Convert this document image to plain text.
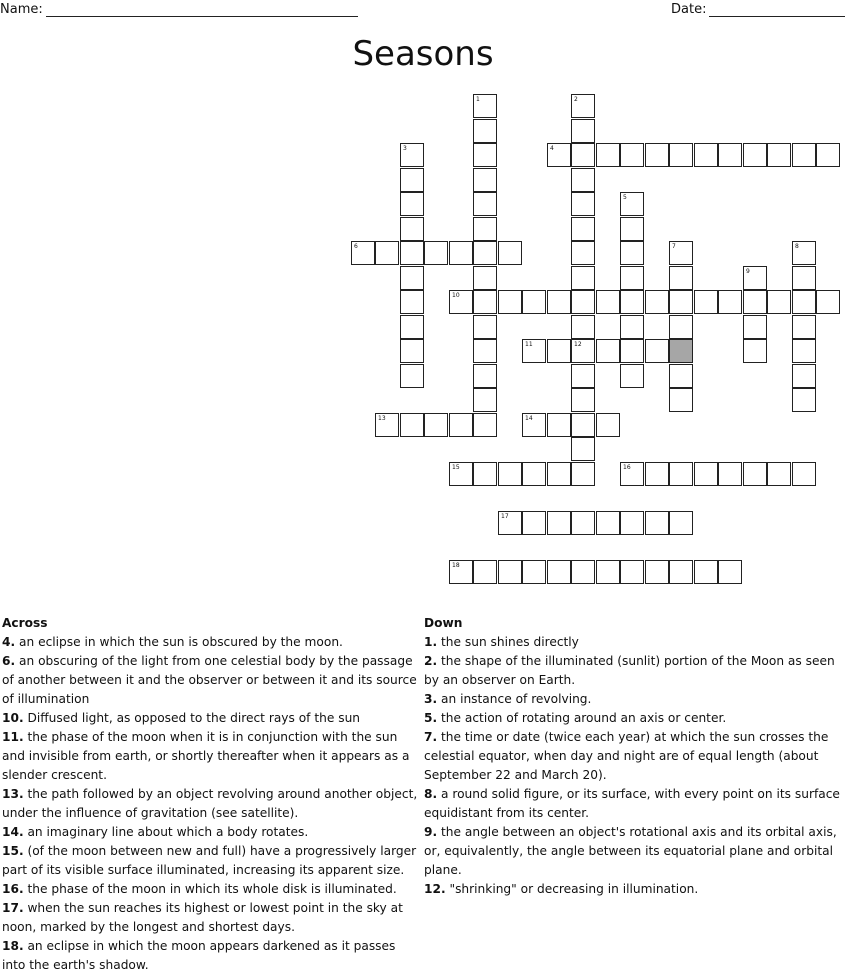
Name:	Date:
Seasons
1	2
12
3	4
5
6	7	8
9
10
11
13	14
15	16
17
18
Across
4. an eclipse in which the sun is obscured by the moon.
6. an obscuring of the light from one celestial body by the passage of another between it and the observer or between it and its source of illumination
10. Diffused light, as opposed to the direct rays of the sun
11. the phase of the moon when it is in conjunction with the sun and invisible from earth, or shortly thereafter when it appears as a slender crescent.
13. the path followed by an object revolving around another object, under the influence of gravitation (see satellite).
14. an imaginary line about which a body rotates.
15. (of the moon between new and full) have a progressively larger part of its visible surface illuminated, increasing its apparent size.
16. the phase of the moon in which its whole disk is illuminated.
17. when the sun reaches its highest or lowest point in the sky at noon, marked by the longest and shortest days.
18. an eclipse in which the moon appears darkened as it passes into the earth's shadow.
Down
1. the sun shines directly
2. the shape of the illuminated (sunlit) portion of the Moon as seen by an observer on Earth.
3. an instance of revolving.
5. the action of rotating around an axis or center.
7. the time or date (twice each year) at which the sun crosses the celestial equator, when day and night are of equal length (about September 22 and March 20).
8. a round solid figure, or its surface, with every point on its surface equidistant from its center.
9. the angle between an object's rotational axis and its orbital axis, or, equivalently, the angle between its equatorial plane and orbital plane.
12. "shrinking" or decreasing in illumination.
